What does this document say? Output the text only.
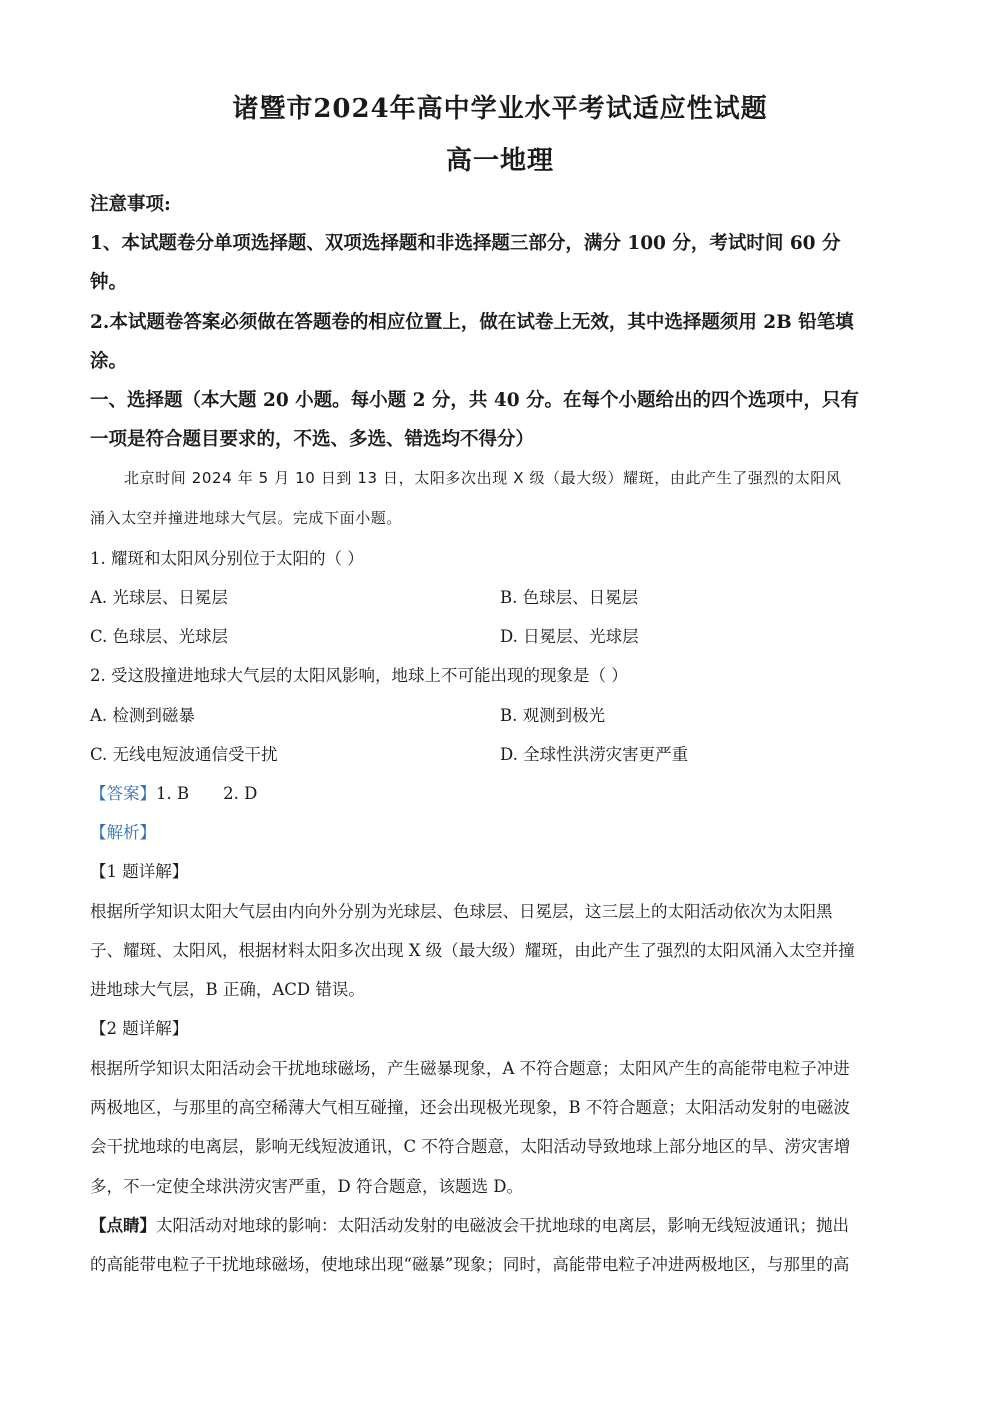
诸暨市2024年高中学业水平考试适应性试题
高一地理
注意事项:
1、本试题卷分单项选择题、双项选择题和非选择题三部分，满分 100 分，考试时间 60 分
钟。
2.本试题卷答案必须做在答题卷的相应位置上，做在试卷上无效，其中选择题须用 2B 铅笔填
涂。
一、选择题（本大题 20 小题。每小题 2 分，共 40 分。在每个小题给出的四个选项中，只有
一项是符合题目要求的，不选、多选、错选均不得分）
北京时间 2024 年 5 月 10 日到 13 日，太阳多次出现 X 级（最大级）耀斑，由此产生了强烈的太阳风
涌入太空并撞进地球大气层。完成下面小题。
1. 耀斑和太阳风分别位于太阳的（ ）
A. 光球层、日冕层	B. 色球层、日冕层
C. 色球层、光球层	D. 日冕层、光球层
2. 受这股撞进地球大气层的太阳风影响，地球上不可能出现的现象是（ ）
A. 检测到磁暴	B. 观测到极光
C. 无线电短波通信受干扰	D. 全球性洪涝灾害更严重
【答案】1. B 2. D
【解析】
【1 题详解】
根据所学知识太阳大气层由内向外分别为光球层、色球层、日冕层，这三层上的太阳活动依次为太阳黑
子、耀斑、太阳风，根据材料太阳多次出现 X 级（最大级）耀斑，由此产生了强烈的太阳风涌入太空并撞
进地球大气层，B 正确，ACD 错误。
【2 题详解】
根据所学知识太阳活动会干扰地球磁场，产生磁暴现象，A 不符合题意；太阳风产生的高能带电粒子冲进
两极地区，与那里的高空稀薄大气相互碰撞，还会出现极光现象，B 不符合题意；太阳活动发射的电磁波
会干扰地球的电离层，影响无线短波通讯，C 不符合题意，太阳活动导致地球上部分地区的旱、涝灾害增
多，不一定使全球洪涝灾害严重，D 符合题意，该题选 D。
【点睛】太阳活动对地球的影响：太阳活动发射的电磁波会干扰地球的电离层，影响无线短波通讯；抛出
的高能带电粒子干扰地球磁场，使地球出现“磁暴”现象；同时，高能带电粒子冲进两极地区，与那里的高
